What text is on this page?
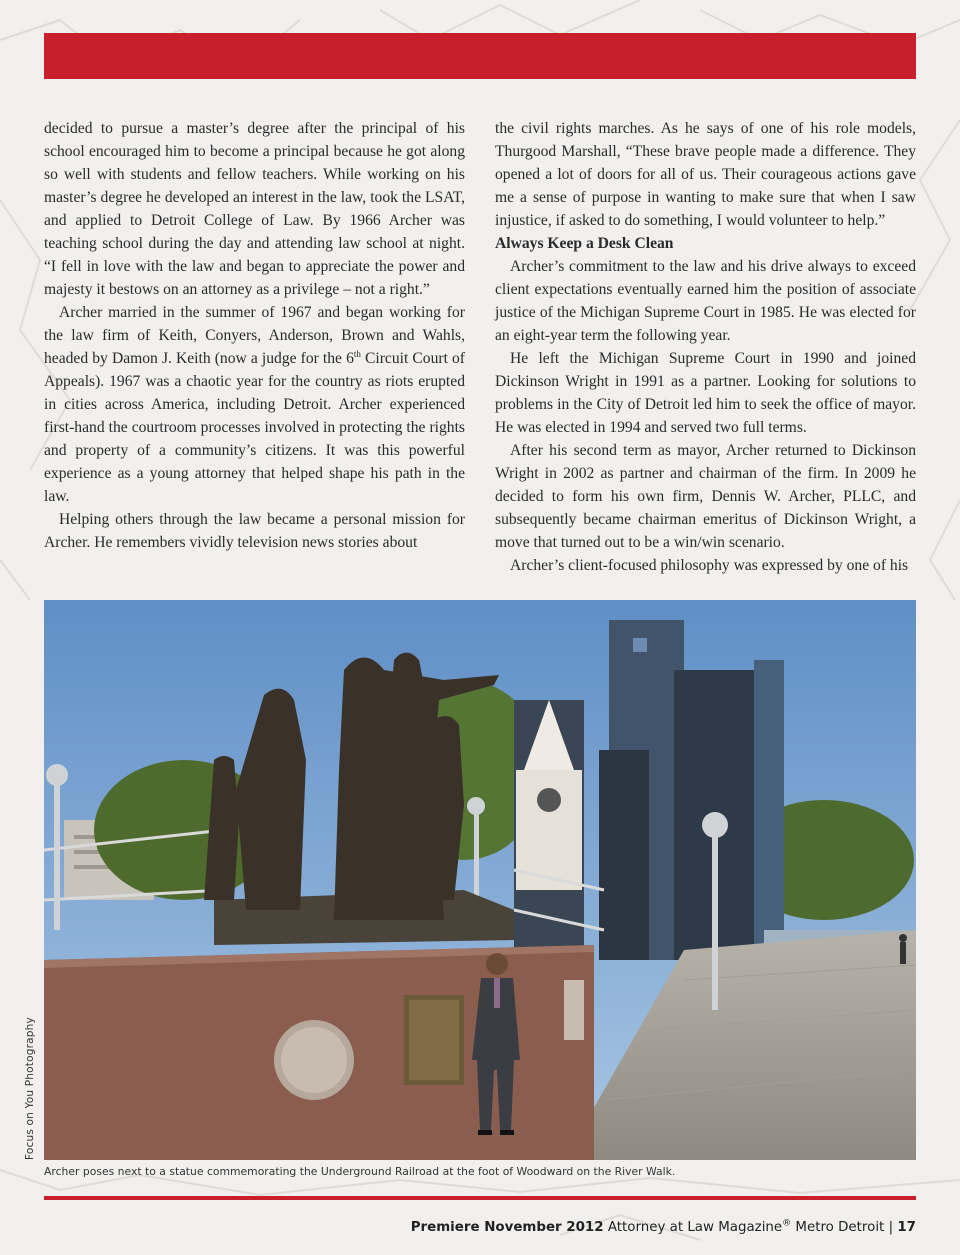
decided to pursue a master’s degree after the principal of his school encouraged him to become a principal because he got along so well with students and fellow teachers. While working on his master’s degree he developed an interest in the law, took the LSAT, and applied to Detroit College of Law. By 1966 Archer was teaching school during the day and attending law school at night. “I fell in love with the law and began to appreciate the power and majesty it bestows on an attorney as a privilege – not a right.”

Archer married in the summer of 1967 and began working for the law firm of Keith, Conyers, Anderson, Brown and Wahls, headed by Damon J. Keith (now a judge for the 6th Circuit Court of Appeals). 1967 was a chaotic year for the country as riots erupted in cities across America, including Detroit. Archer experienced first-hand the courtroom processes involved in protecting the rights and property of a community’s citizens. It was this powerful experience as a young attorney that helped shape his path in the law.

Helping others through the law became a personal mission for Archer. He remembers vividly television news stories about

the civil rights marches. As he says of one of his role models, Thurgood Marshall, “These brave people made a difference. They opened a lot of doors for all of us. Their courageous actions gave me a sense of purpose in wanting to make sure that when I saw injustice, if asked to do something, I would volunteer to help.”

Always Keep a Desk Clean

Archer’s commitment to the law and his drive always to exceed client expectations eventually earned him the position of associate justice of the Michigan Supreme Court in 1985. He was elected for an eight-year term the following year.

He left the Michigan Supreme Court in 1990 and joined Dickinson Wright in 1991 as a partner. Looking for solutions to problems in the City of Detroit led him to seek the office of mayor. He was elected in 1994 and served two full terms.

After his second term as mayor, Archer returned to Dickinson Wright in 2002 as partner and chairman of the firm. In 2009 he decided to form his own firm, Dennis W. Archer, PLLC, and subsequently became chairman emeritus of Dickinson Wright, a move that turned out to be a win/win scenario.

Archer’s client-focused philosophy was expressed by one of his

Focus on You Photography
Archer poses next to a statue commemorating the Underground Railroad at the foot of Woodward on the River Walk.
Premiere November 2012 Attorney at Law Magazine® Metro Detroit | 17
